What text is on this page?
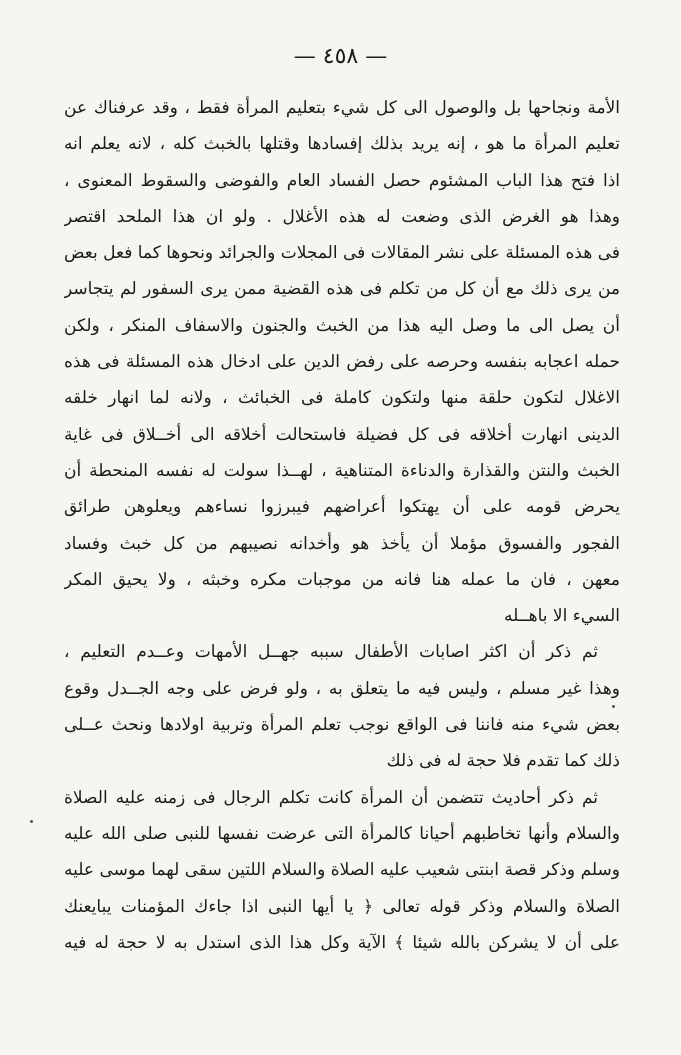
— ٤٥٨ —
الأمة ونجاحها بل والوصول الى كل شيء بتعليم المرأة فقط ، وقد عرفناك عن
تعليم المرأة ما هو ، إنه يريد بذلك إفسادها وقتلها بالخبث كله ، لانه يعلم انه
اذا فتح هذا الباب المشئوم حصل الفساد العام والفوضى والسقوط المعنوى ،
وهذا هو الغرض الذى وضعت له هذه الأغلال . ولو ان هذا الملحد اقتصر
فى هذه المسئلة على نشر المقالات فى المجلات والجرائد ونحوها كما فعل بعض
من يرى ذلك مع أن كل من تكلم فى هذه القضية ممن يرى السفور لم يتجاسر
أن يصل الى ما وصل اليه هذا من الخبث والجنون والاسفاف المنكر ، ولكن
حمله اعجابه بنفسه وحرصه على رفض الدين على ادخال هذه المسئلة فى هذه
الاغلال لتكون حلقة منها ولتكون كاملة فى الخبائث ، ولانه لما انهار خلقه
الدينى انهارت أخلاقه فى كل فضيلة فاستحالت أخلاقه الى أخــلاق فى غاية
الخبث والنتن والقذارة والدناءة المتناهية ، لهــذا سولت له نفسه المنحطة أن
يحرض قومه على أن يهتكوا أعراضهم فيبرزوا نساءهم ويعلوهن طرائق
الفجور والفسوق مؤملا أن يأخذ هو وأخدانه نصيبهم من كل خبث وفساد
معهن ، فان ما عمله هنا فانه من موجبات مكره وخبثه ، ولا يحيق المكر
السيء الا باهــله
ثم ذكر أن اكثر اصابات الأطفال سببه جهــل الأمهات وعــدم التعليم ،
وهذا غير مسلم ، وليس فيه ما يتعلق به ، ولو فرض على وجه الجــدل وقوع
بعض شيء منه فاننا فى الواقع نوجب تعلم المرأة وتربية اولادها ونحث عــلى
ذلك كما تقدم فلا حجة له فى ذلك
ثم ذكر أحاديث تتضمن أن المرأة كانت تكلم الرجال فى زمنه عليه الصلاة
والسلام وأنها تخاطبهم أحيانا كالمرأة التى عرضت نفسها للنبى صلى الله عليه
وسلم وذكر قصة ابنتى شعيب عليه الصلاة والسلام اللتين سقى لهما موسى عليه
الصلاة والسلام وذكر قوله تعالى ﴿ يا أيها النبى اذا جاءك المؤمنات يبايعنك
على أن لا يشركن بالله شيئا ﴾ الآية وكل هذا الذى استدل به لا حجة له فيه
